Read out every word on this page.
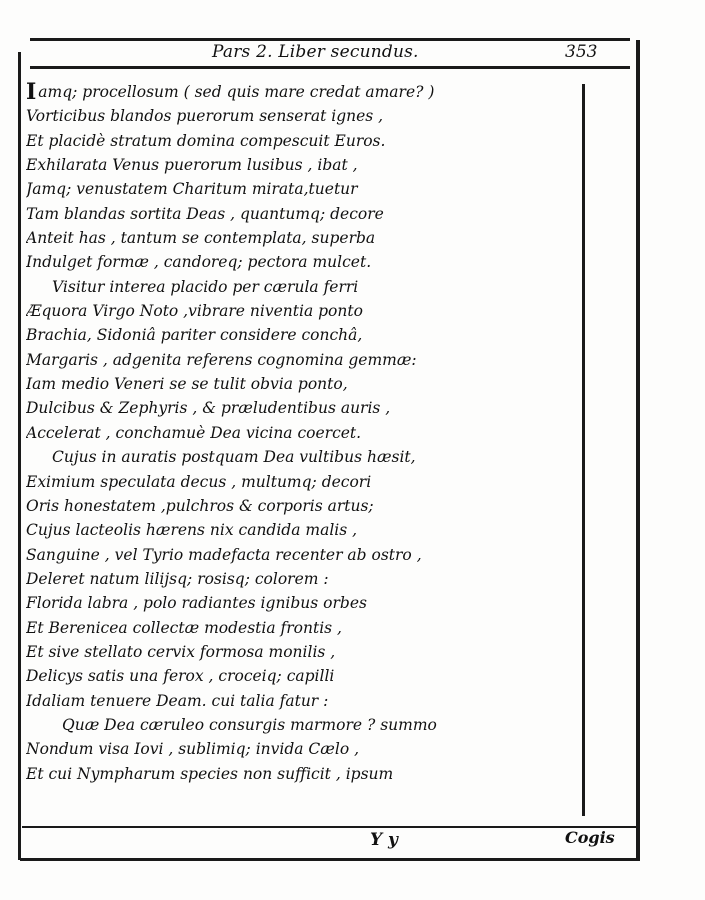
Pars 2. Liber secundus.	353
I amq; procellosum ( sed quis mare credat amare? )
Vorticibus blandos puerorum senserat ignes ,
Et placidè stratum domina compescuit Euros.
Exhilarata Venus puerorum lusibus , ibat ,
Jamq; venustatem Charitum mirata,tuetur
Tam blandas sortita Deas , quantumq; decore
Anteit has , tantum se contemplata, superba
Indulget formæ , candoreq; pectora mulcet.
Visitur interea placido per cærula ferri
Æquora Virgo Noto ,vibrare niventia ponto
Brachia, Sidoniâ pariter considere conchâ,
Margaris , adgenita referens cognomina gemmæ:
Iam medio Veneri se se tulit obvia ponto,
Dulcibus & Zephyris , & præludentibus auris ,
Accelerat , conchamuè Dea vicina coercet.
Cujus in auratis postquam Dea vultibus hæsit,
Eximium speculata decus , multumq; decori
Oris honestatem ,pulchros & corporis artus;
Cujus lacteolis hærens nix candida malis ,
Sanguine , vel Tyrio madefacta recenter ab ostro ,
Deleret natum lilijsq; rosisq; colorem :
Florida labra , polo radiantes ignibus orbes
Et Berenicea collectæ modestia frontis ,
Et sive stellato cervix formosa monilis ,
Delicys satis una ferox , croceiq; capilli
Idaliam tenuere Deam. cui talia fatur :
Quæ Dea cæruleo consurgis marmore ? summo
Nondum visa Iovi , sublimiq; invida Cælo ,
Et cui Nympharum species non sufficit , ipsum
Y y	Cogis
